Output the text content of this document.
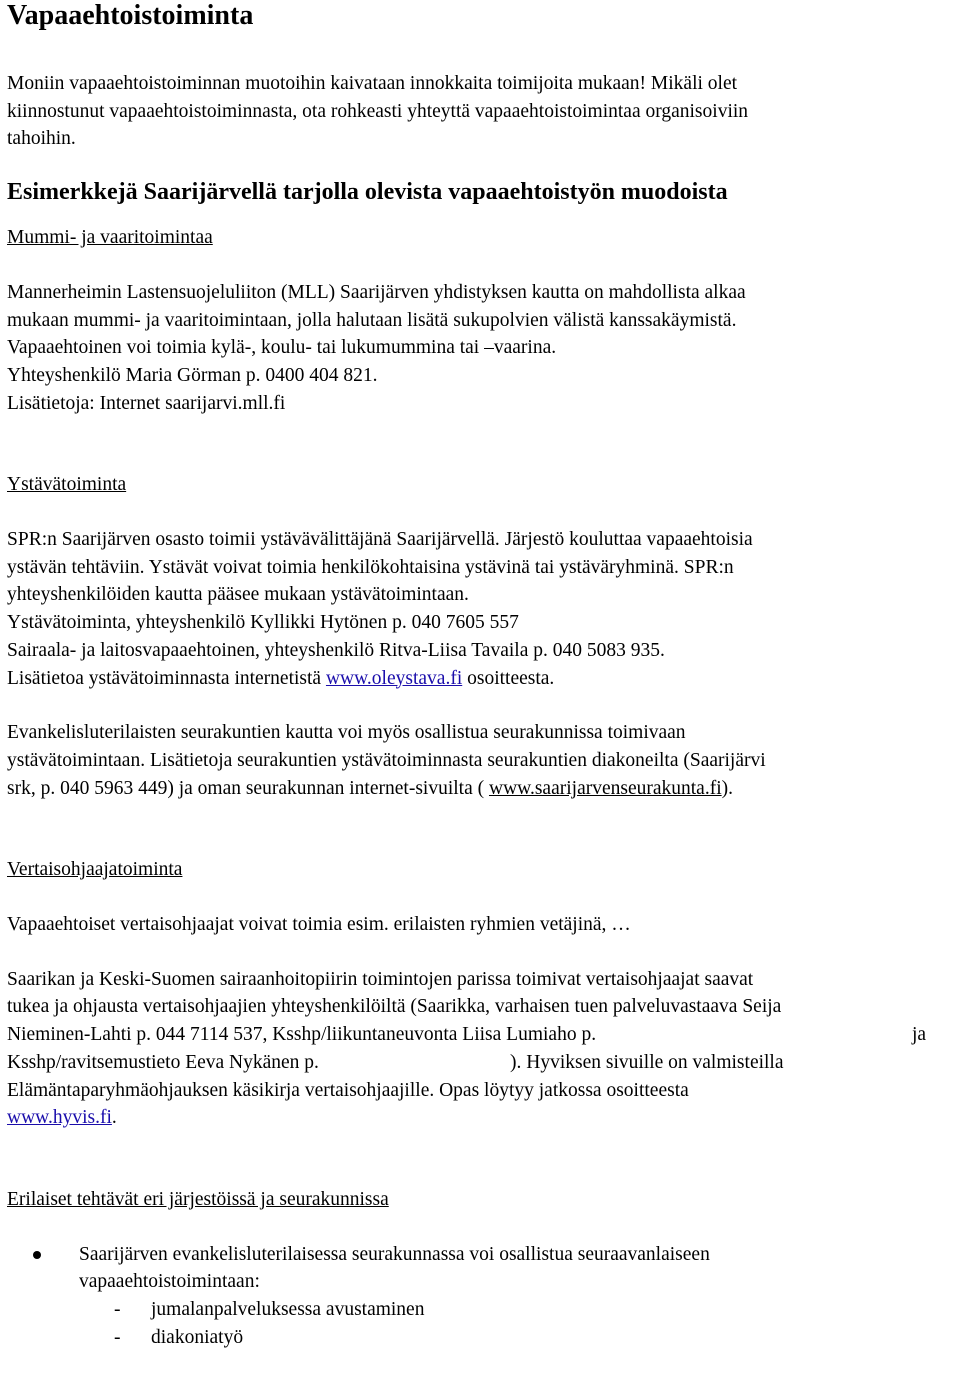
Vapaaehtoistoiminta
Moniin vapaaehtoistoiminnan muotoihin kaivataan innokkaita toimijoita mukaan! Mikäli olet
kiinnostunut vapaaehtoistoiminnasta, ota rohkeasti yhteyttä vapaaehtoistoimintaa organisoiviin
tahoihin.
Esimerkkejä Saarijärvellä tarjolla olevista vapaaehtoistyön muodoista
Mummi- ja vaaritoimintaa
Mannerheimin Lastensuojeluliiton (MLL) Saarijärven yhdistyksen kautta on mahdollista alkaa
mukaan mummi- ja vaaritoimintaan, jolla halutaan lisätä sukupolvien välistä kanssakäymistä.
Vapaaehtoinen voi toimia kylä-, koulu- tai lukumummina tai –vaarina.
Yhteyshenkilö Maria Görman p. 0400 404 821.
Lisätietoja: Internet saarijarvi.mll.fi
Ystävätoiminta
SPR:n Saarijärven osasto toimii ystävävälittäjänä Saarijärvellä. Järjestö kouluttaa vapaaehtoisia
ystävän tehtäviin. Ystävät voivat toimia henkilökohtaisina ystävinä tai ystäväryhminä. SPR:n
yhteyshenkilöiden kautta pääsee mukaan ystävätoimintaan.
Ystävätoiminta, yhteyshenkilö Kyllikki Hytönen p. 040 7605 557
Sairaala- ja laitosvapaaehtoinen, yhteyshenkilö Ritva-Liisa Tavaila p. 040 5083 935.
Lisätietoa ystävätoiminnasta internetistä www.oleystava.fi osoitteesta.
Evankelisluterilaisten seurakuntien kautta voi myös osallistua seurakunnissa toimivaan
ystävätoimintaan. Lisätietoja seurakuntien ystävätoiminnasta seurakuntien diakoneilta (Saarijärvi
srk, p. 040 5963 449) ja oman seurakunnan internet-sivuilta ( www.saarijarvenseurakunta.fi).
Vertaisohjaajatoiminta
Vapaaehtoiset vertaisohjaajat voivat toimia esim. erilaisten ryhmien vetäjinä, …
Saarikan ja Keski-Suomen sairaanhoitopiirin toimintojen parissa toimivat vertaisohjaajat saavat
tukea ja ohjausta vertaisohjaajien yhteyshenkilöiltä (Saarikka, varhaisen tuen palveluvastaava Seija
Nieminen-Lahti p. 044 7114 537, Ksshp/liikuntaneuvonta Liisa Lumiaho p.	ja
Ksshp/ravitsemustieto Eeva Nykänen p.	). Hyviksen sivuille on valmisteilla
Elämäntaparyhmäohjauksen käsikirja vertaisohjaajille. Opas löytyy jatkossa osoitteesta
www.hyvis.fi.
Erilaiset tehtävät eri järjestöissä ja seurakunnissa
Saarijärven evankelisluterilaisessa seurakunnassa voi osallistua seuraavanlaiseen
vapaaehtoistoimintaan:
- jumalanpalveluksessa avustaminen
- diakoniatyö
